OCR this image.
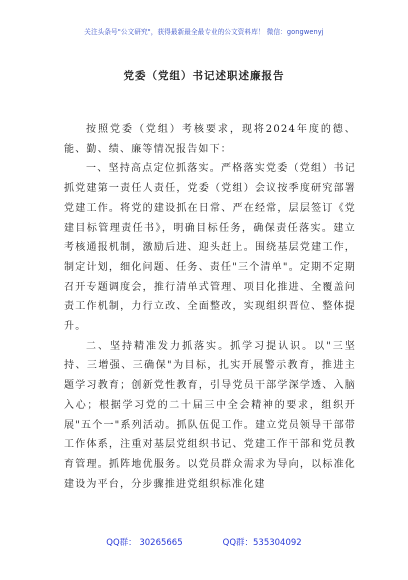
关注头条号"公文研究"，获得最新最全最专业的公文资料库！ 微信：gongwenyj
党委（党组）书记述职述廉报告

按照党委（党组）考核要求，现将2024年度的德、能、勤、绩、廉等情况报告如下：

一、坚持高点定位抓落实。严格落实党委（党组）书记抓党建第一责任人责任，党委（党组）会议按季度研究部署党建工作。将党的建设抓在日常、严在经常，层层签订《党建目标管理责任书》，明确目标任务，确保责任落实。建立考核通报机制，激励后进、迎头赶上。围绕基层党建工作，制定计划，细化问题、任务、责任"三个清单"。定期不定期召开专题调度会，推行清单式管理、项目化推进、全覆盖问责工作机制，力行立改、全面整改，实现组织晋位、整体提升。

二、坚持精准发力抓落实。抓学习提认识。以"三坚持、三增强、三确保"为目标，扎实开展警示教育，推进主题学习教育；创新党性教育，引导党员干部学深学透、入脑入心；根据学习党的二十届三中全会精神的要求，组织开展"五个一"系列活动。抓队伍促工作。建立党员领导干部带工作体系，注重对基层党组织书记、党建工作干部和党员教育管理。抓阵地优服务。以党员群众需求为导向，以标准化建设为平台，分步骤推进党组织标准化建

QQ群： 30265665	QQ群：535304092
